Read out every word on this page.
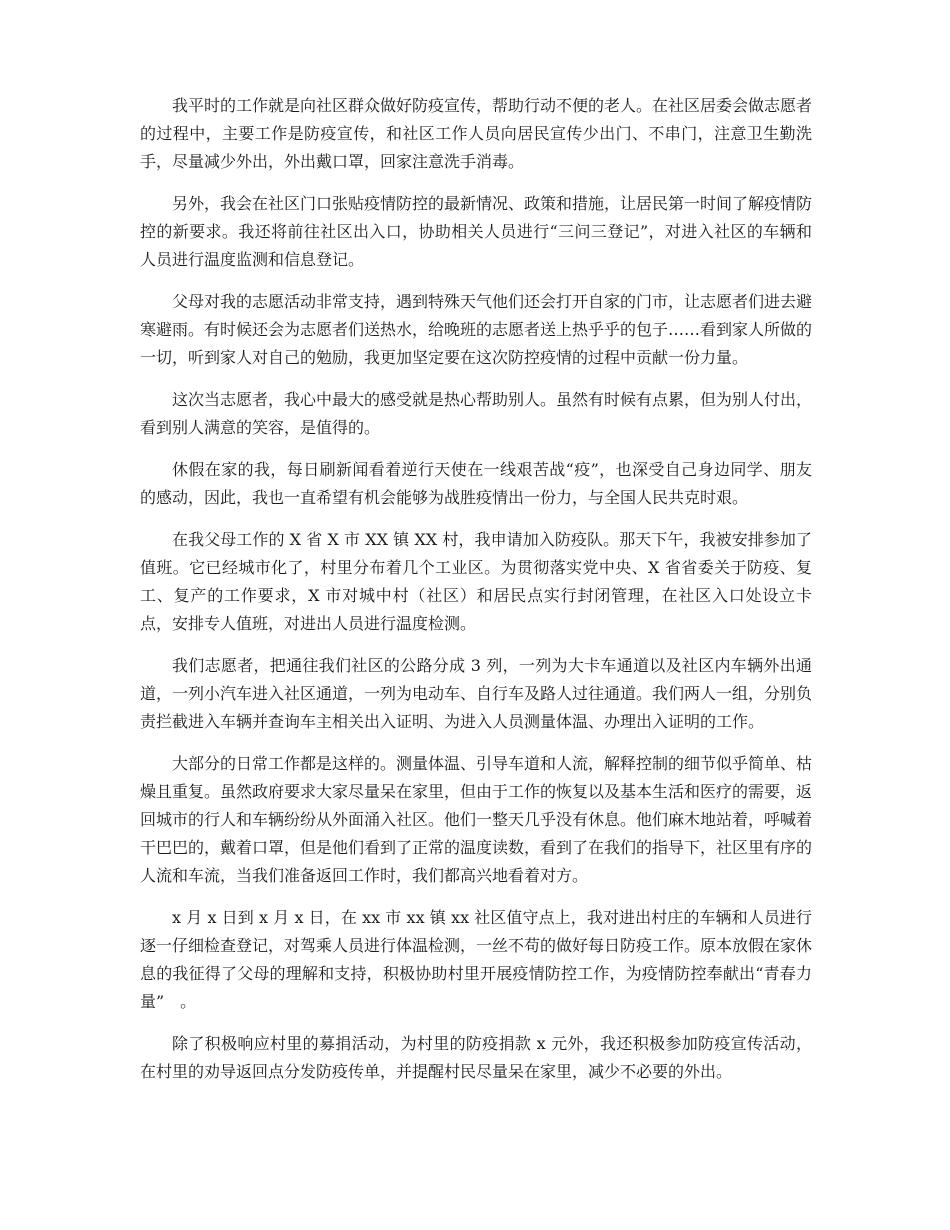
我平时的工作就是向社区群众做好防疫宣传，帮助行动不便的老人。在社区居委会做志愿者的过程中，主要工作是防疫宣传，和社区工作人员向居民宣传少出门、不串门，注意卫生勤洗手，尽量减少外出，外出戴口罩，回家注意洗手消毒。

另外，我会在社区门口张贴疫情防控的最新情况、政策和措施，让居民第一时间了解疫情防控的新要求。我还将前往社区出入口，协助相关人员进行“三问三登记”，对进入社区的车辆和人员进行温度监测和信息登记。

父母对我的志愿活动非常支持，遇到特殊天气他们还会打开自家的门市，让志愿者们进去避寒避雨。有时候还会为志愿者们送热水，给晚班的志愿者送上热乎乎的包子……看到家人所做的一切，听到家人对自己的勉励，我更加坚定要在这次防控疫情的过程中贡献一份力量。

这次当志愿者，我心中最大的感受就是热心帮助别人。虽然有时候有点累，但为别人付出，看到别人满意的笑容，是值得的。

休假在家的我，每日刷新闻看着逆行天使在一线艰苦战“疫”，也深受自己身边同学、朋友的感动，因此，我也一直希望有机会能够为战胜疫情出一份力，与全国人民共克时艰。

在我父母工作的 X 省 X 市 XX 镇 XX 村，我申请加入防疫队。那天下午，我被安排参加了值班。它已经城市化了，村里分布着几个工业区。为贯彻落实党中央、X 省省委关于防疫、复工、复产的工作要求，X 市对城中村（社区）和居民点实行封闭管理，在社区入口处设立卡点，安排专人值班，对进出人员进行温度检测。

我们志愿者，把通往我们社区的公路分成 3 列，一列为大卡车通道以及社区内车辆外出通道，一列小汽车进入社区通道，一列为电动车、自行车及路人过往通道。我们两人一组，分别负责拦截进入车辆并查询车主相关出入证明、为进入人员测量体温、办理出入证明的工作。

大部分的日常工作都是这样的。测量体温、引导车道和人流，解释控制的细节似乎简单、枯燥且重复。虽然政府要求大家尽量呆在家里，但由于工作的恢复以及基本生活和医疗的需要，返回城市的行人和车辆纷纷从外面涌入社区。他们一整天几乎没有休息。他们麻木地站着，呼喊着干巴巴的，戴着口罩，但是他们看到了正常的温度读数，看到了在我们的指导下，社区里有序的人流和车流，当我们准备返回工作时，我们都高兴地看着对方。

x 月 x 日到 x 月 x 日，在 xx 市 xx 镇 xx 社区值守点上，我对进出村庄的车辆和人员进行逐一仔细检查登记，对驾乘人员进行体温检测，一丝不苟的做好每日防疫工作。原本放假在家休息的我征得了父母的理解和支持，积极协助村里开展疫情防控工作，为疫情防控奉献出“青春力量”　。

除了积极响应村里的募捐活动，为村里的防疫捐款 x 元外，我还积极参加防疫宣传活动，在村里的劝导返回点分发防疫传单，并提醒村民尽量呆在家里，减少不必要的外出。
